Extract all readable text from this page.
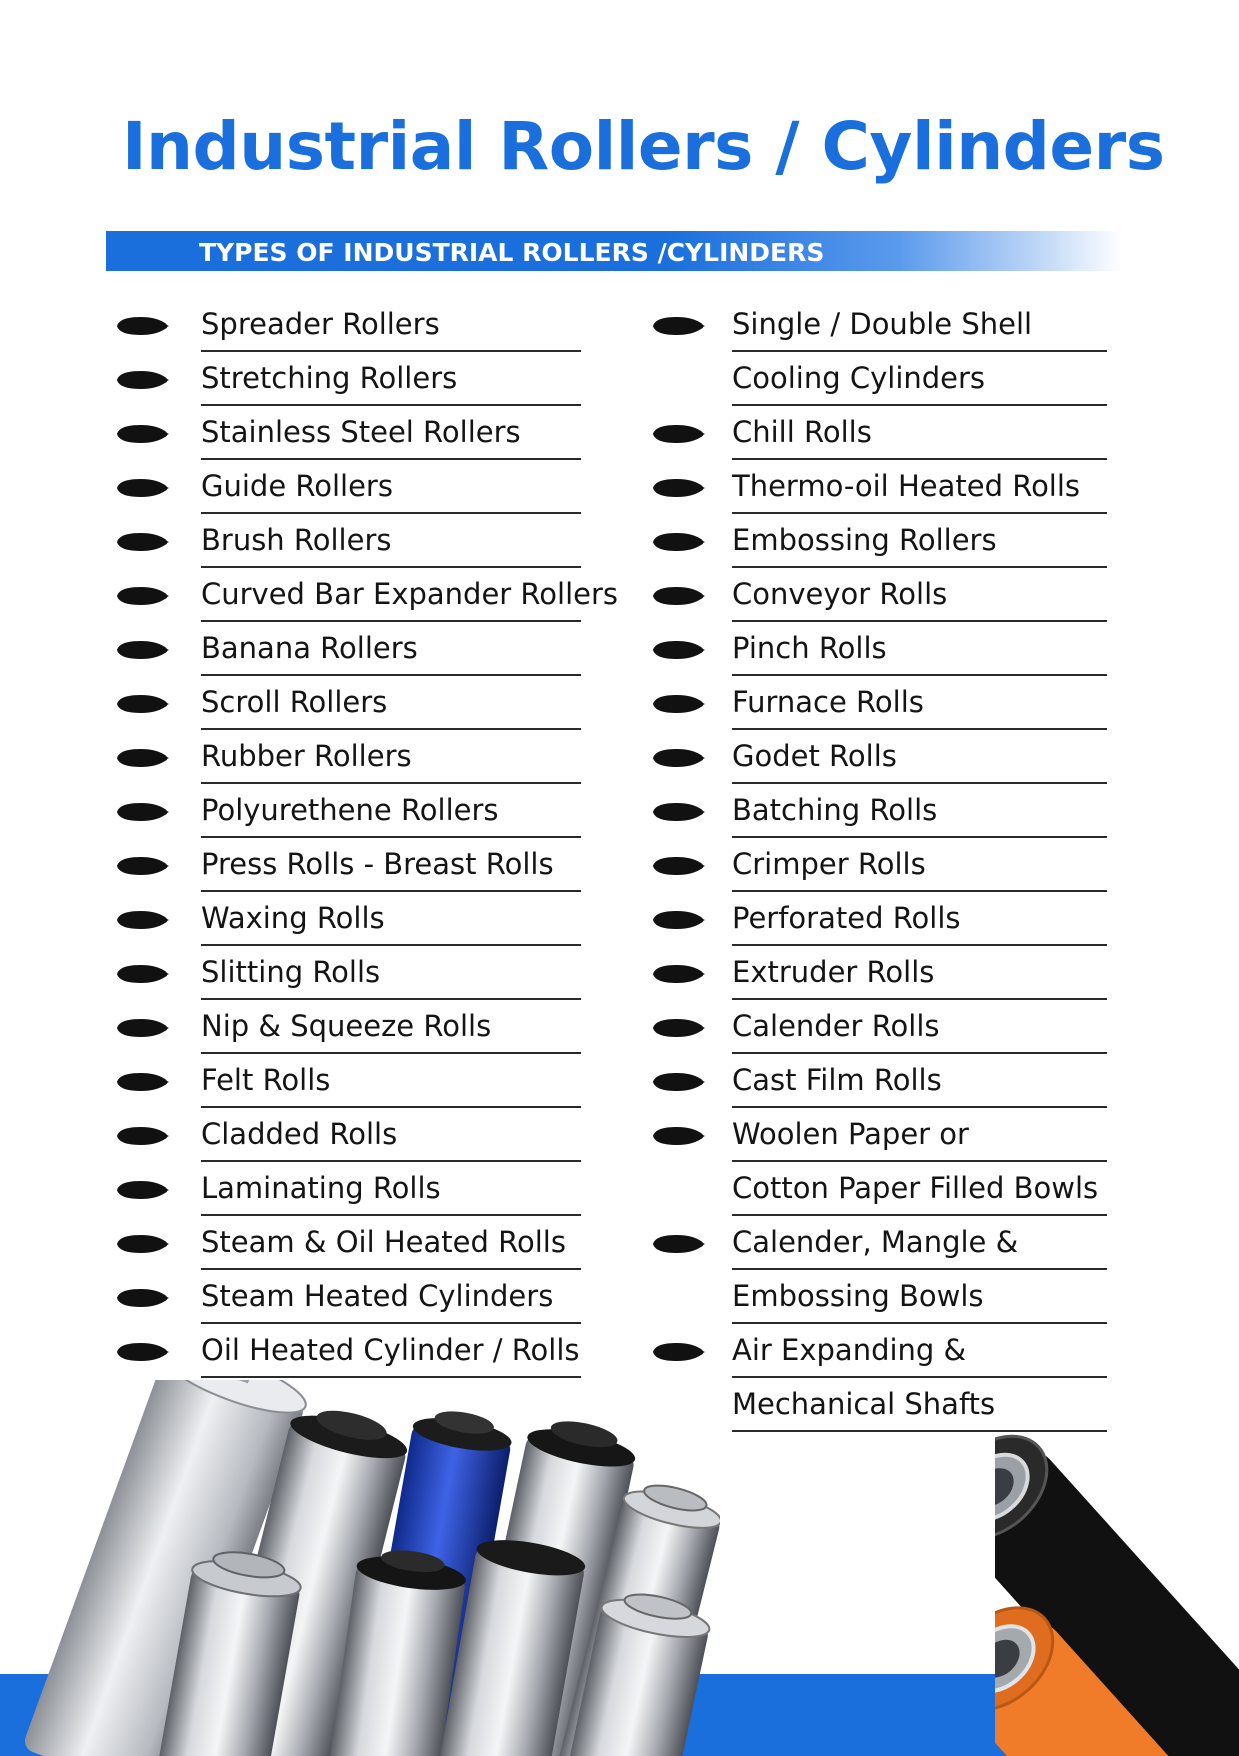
Industrial Rollers / Cylinders
TYPES OF INDUSTRIAL ROLLERS /CYLINDERS
Spreader Rollers
Stretching Rollers
Stainless Steel Rollers
Guide Rollers
Brush Rollers
Curved Bar Expander Rollers
Banana Rollers
Scroll Rollers
Rubber Rollers
Polyurethene Rollers
Press Rolls - Breast Rolls
Waxing Rolls
Slitting Rolls
Nip & Squeeze Rolls
Felt Rolls
Cladded Rolls
Laminating Rolls
Steam & Oil Heated Rolls
Steam Heated Cylinders
Oil Heated Cylinder / Rolls
Single / Double Shell
Cooling Cylinders
Chill Rolls
Thermo-oil Heated Rolls
Embossing Rollers
Conveyor Rolls
Pinch Rolls
Furnace Rolls
Godet Rolls
Batching Rolls
Crimper Rolls
Perforated Rolls
Extruder Rolls
Calender Rolls
Cast Film Rolls
Woolen Paper or
Cotton Paper Filled Bowls
Calender, Mangle &
Embossing Bowls
Air Expanding &
Mechanical Shafts
